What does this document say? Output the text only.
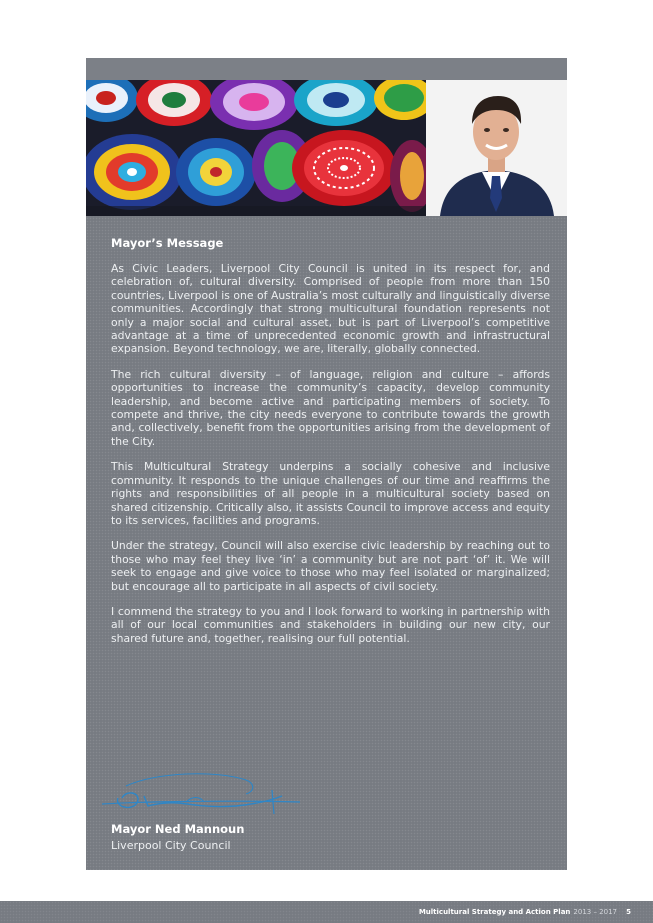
Mayor’s Message

As Civic Leaders, Liverpool City Council is united in its respect for, and celebration of, cultural diversity. Comprised of people from more than 150 countries, Liverpool is one of Australia’s most culturally and linguistically diverse communities. Accordingly that strong multicultural foundation represents not only a major social and cultural asset, but is part of Liverpool’s competitive advantage at a time of unprecedented economic growth and infrastructural expansion. Beyond technology, we are, literally, globally connected.

The rich cultural diversity – of language, religion and culture – affords opportunities to increase the community’s capacity, develop community leadership, and become active and participating members of society. To compete and thrive, the city needs everyone to contribute towards the growth and, collectively, benefit from the opportunities arising from the development of the City.

This Multicultural Strategy underpins a socially cohesive and inclusive community. It responds to the unique challenges of our time and reaffirms the rights and responsibilities of all people in a multicultural society based on shared citizenship. Critically also, it assists Council to improve access and equity to its services, facilities and programs.

Under the strategy, Council will also exercise civic leadership by reaching out to those who may feel they live ‘in’ a community but are not part ‘of’ it. We will seek to engage and give voice to those who may feel isolated or marginalized; but encourage all to participate in all aspects of civil society.

I commend the strategy to you and I look forward to working in partnership with all of our local communities and stakeholders in building our new city, our shared future and, together, realising our full potential.

Mayor Ned Mannoun
Liverpool City Council
Multicultural Strategy and Action Plan 2013 – 2017 5
